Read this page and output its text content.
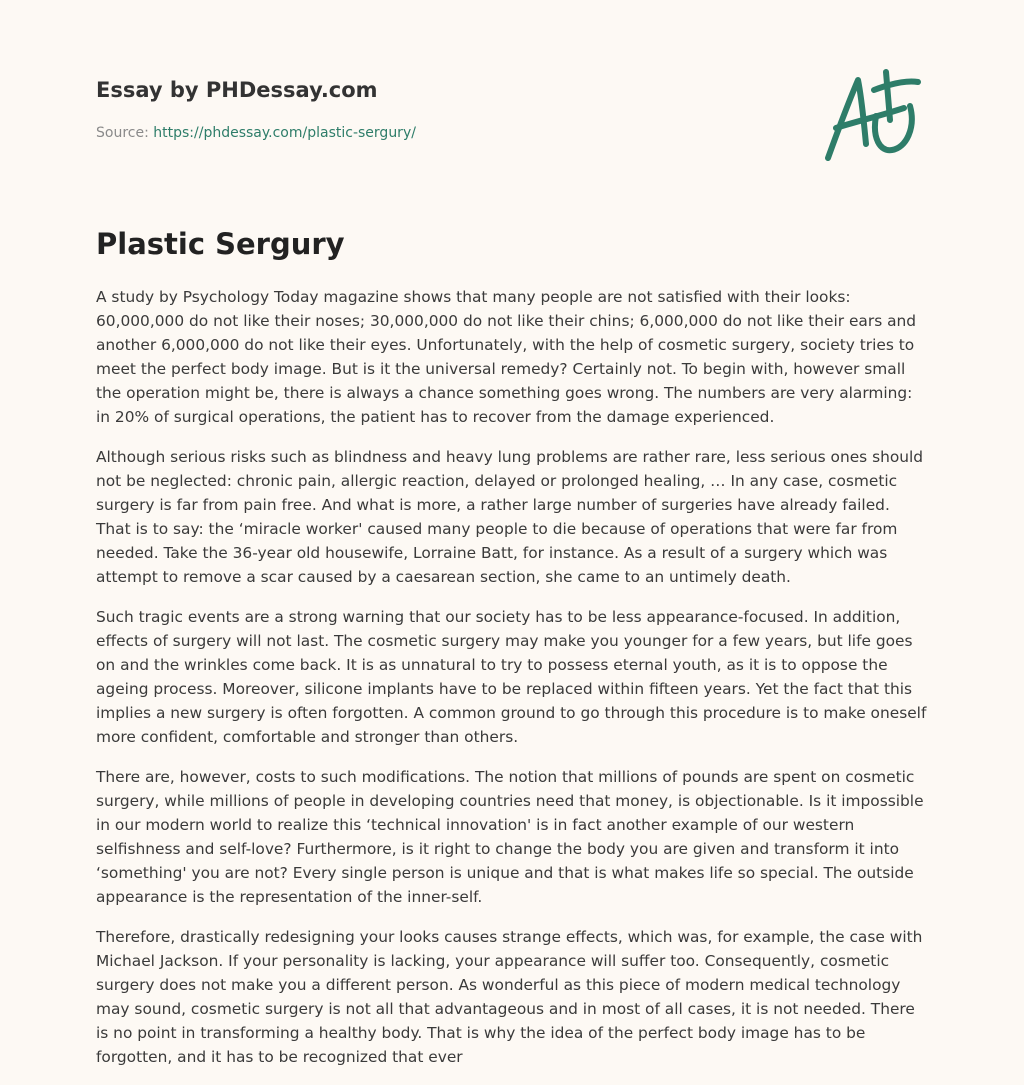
Essay by PHDessay.com
Source: https://phdessay.com/plastic-sergury/
Plastic Sergury

A study by Psychology Today magazine shows that many people are not satisfied with their looks: 60,000,000 do not like their noses; 30,000,000 do not like their chins; 6,000,000 do not like their ears and another 6,000,000 do not like their eyes. Unfortunately, with the help of cosmetic surgery, society tries to meet the perfect body image. But is it the universal remedy? Certainly not. To begin with, however small the operation might be, there is always a chance something goes wrong. The numbers are very alarming: in 20% of surgical operations, the patient has to recover from the damage experienced.

Although serious risks such as blindness and heavy lung problems are rather rare, less serious ones should not be neglected: chronic pain, allergic reaction, delayed or prolonged healing, … In any case, cosmetic surgery is far from pain free. And what is more, a rather large number of surgeries have already failed. That is to say: the ‘miracle worker' caused many people to die because of operations that were far from needed. Take the 36-year old housewife, Lorraine Batt, for instance. As a result of a surgery which was attempt to remove a scar caused by a caesarean section, she came to an untimely death.

Such tragic events are a strong warning that our society has to be less appearance-focused. In addition, effects of surgery will not last. The cosmetic surgery may make you younger for a few years, but life goes on and the wrinkles come back. It is as unnatural to try to possess eternal youth, as it is to oppose the ageing process. Moreover, silicone implants have to be replaced within fifteen years. Yet the fact that this implies a new surgery is often forgotten. A common ground to go through this procedure is to make oneself more confident, comfortable and stronger than others.

There are, however, costs to such modifications. The notion that millions of pounds are spent on cosmetic surgery, while millions of people in developing countries need that money, is objectionable. Is it impossible in our modern world to realize this ‘technical innovation' is in fact another example of our western selfishness and self-love? Furthermore, is it right to change the body you are given and transform it into ‘something' you are not? Every single person is unique and that is what makes life so special. The outside appearance is the representation of the inner-self.

Therefore, drastically redesigning your looks causes strange effects, which was, for example, the case with Michael Jackson. If your personality is lacking, your appearance will suffer too. Consequently, cosmetic surgery does not make you a different person. As wonderful as this piece of modern medical technology may sound, cosmetic surgery is not all that advantageous and in most of all cases, it is not needed. There is no point in transforming a healthy body. That is why the idea of the perfect body image has to be forgotten, and it has to be recognized that ever
